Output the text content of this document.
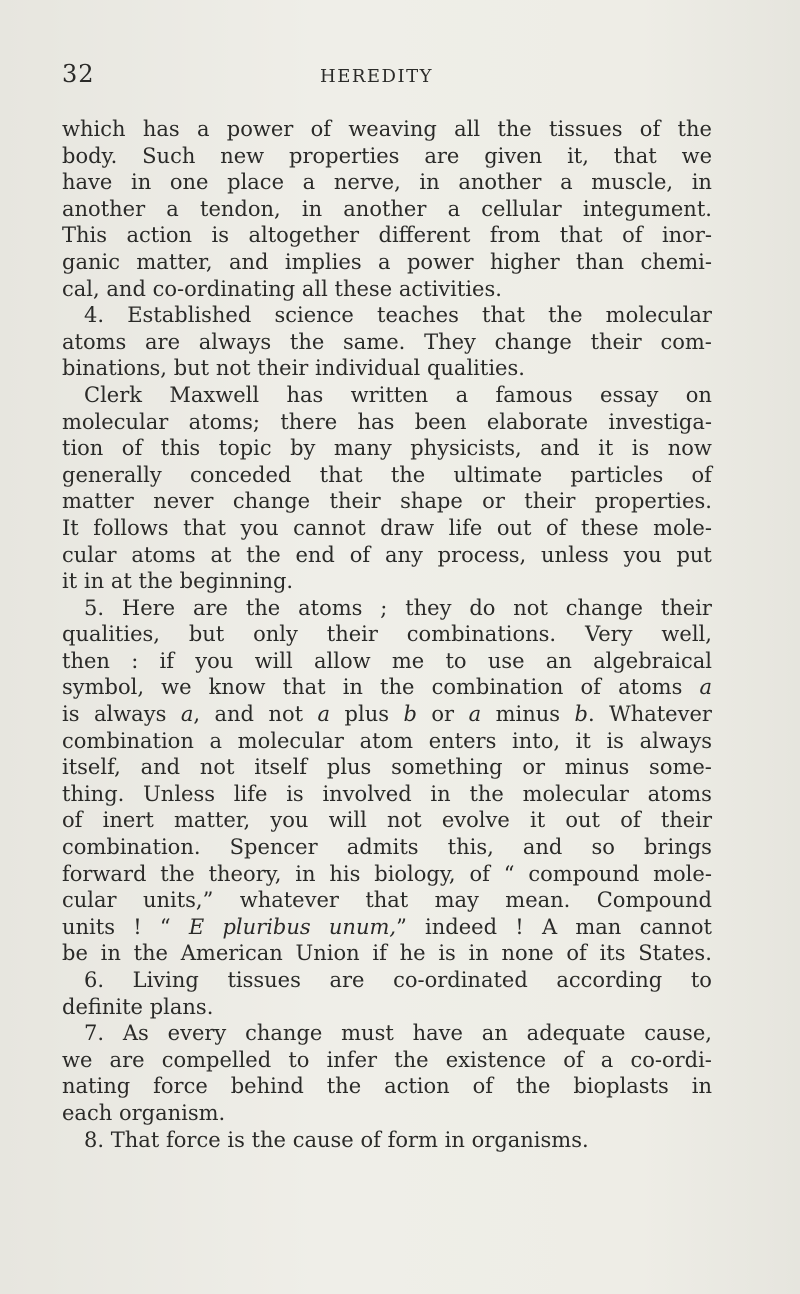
32	HEREDITY
which has a power of weaving all the tissues of the
body. Such new properties are given it, that we
have in one place a nerve, in another a muscle, in
another a tendon, in another a cellular integument.
This action is altogether different from that of inor-
ganic matter, and implies a power higher than chemi-
cal, and co-ordinating all these activities.
4. Established science teaches that the molecular
atoms are always the same. They change their com-
binations, but not their individual qualities.
Clerk Maxwell has written a famous essay on
molecular atoms; there has been elaborate investiga-
tion of this topic by many physicists, and it is now
generally conceded that the ultimate particles of
matter never change their shape or their properties.
It follows that you cannot draw life out of these mole-
cular atoms at the end of any process, unless you put
it in at the beginning.
5. Here are the atoms ; they do not change their
qualities, but only their combinations. Very well,
then : if you will allow me to use an algebraical
symbol, we know that in the combination of atoms a
is always a, and not a plus b or a minus b. Whatever
combination a molecular atom enters into, it is always
itself, and not itself plus something or minus some-
thing. Unless life is involved in the molecular atoms
of inert matter, you will not evolve it out of their
combination. Spencer admits this, and so brings
forward the theory, in his biology, of “ compound mole-
cular units,” whatever that may mean. Compound
units ! “ E pluribus unum,” indeed ! A man cannot
be in the American Union if he is in none of its States.
6. Living tissues are co-ordinated according to
definite plans.
7. As every change must have an adequate cause,
we are compelled to infer the existence of a co-ordi-
nating force behind the action of the bioplasts in
each organism.
8. That force is the cause of form in organisms.
